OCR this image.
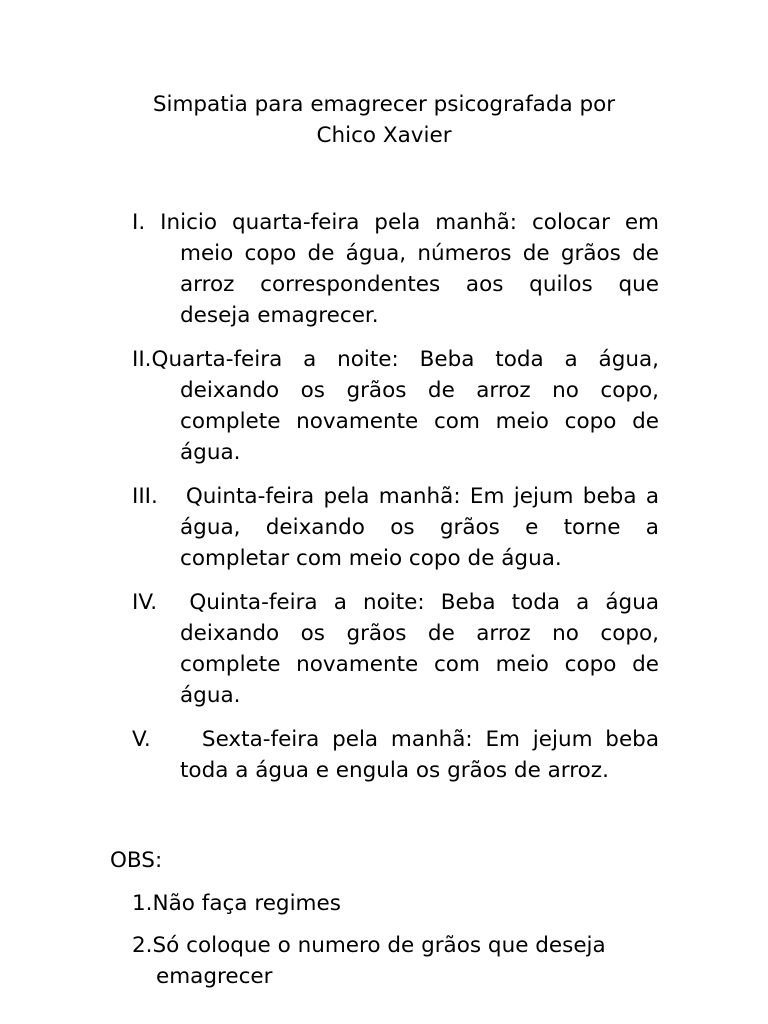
Simpatia para emagrecer psicografada por
Chico Xavier
I. Inicio quarta-feira pela manhã: colocar em meio copo de água, números de grãos de arroz correspondentes aos quilos que deseja emagrecer.
II.Quarta-feira a noite: Beba toda a água, deixando os grãos de arroz no copo, complete novamente com meio copo de água.
III. Quinta-feira pela manhã: Em jejum beba a água, deixando os grãos e torne a completar com meio copo de água.
IV. Quinta-feira a noite: Beba toda a água deixando os grãos de arroz no copo, complete novamente com meio copo de água.
V. Sexta-feira pela manhã: Em jejum beba toda a água e engula os grãos de arroz.
OBS:
1.Não faça regimes
2.Só coloque o numero de grãos que deseja emagrecer
